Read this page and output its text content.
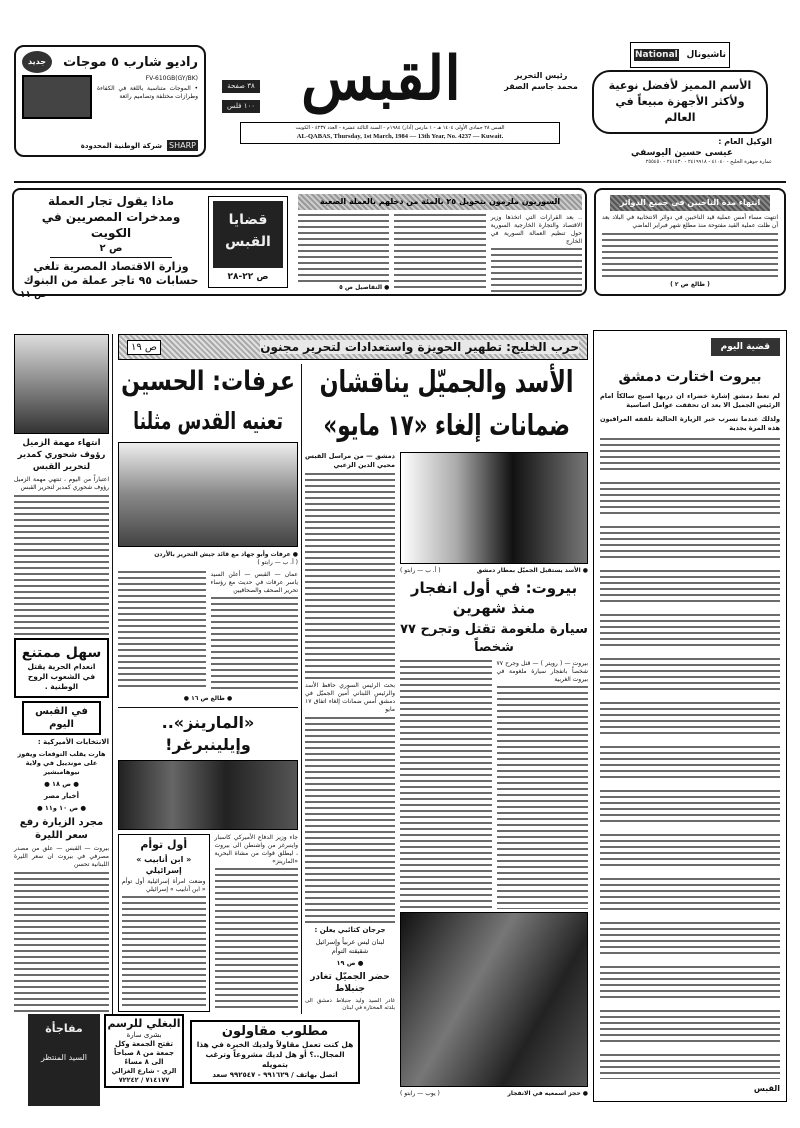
راديو شارب ٥ موجات
جديد
FV-610GB(GY/BK)
• الموجات متناسبة باللغة في الكفاءة وطرازات مختلفة وتصاميم رائعة
SHARP
شركة الوطنية المحدودة
٣٨ صفحة
١٠٠ فلس القبس	رئيس التحرير
محمد جاسم الصقر
القبس ٢٨ جمادى الأولى ١٤٠٤ هـ - ١ مارس (آذار) ١٩٨٤م - السنة الثالثة عشرة - العدد ٤٢٣٧ - الكويت
AL-QABAS, Thursday, 1st March, 1984 — 13th Year, No. 4237 — Kuwait.
ناشيونال
National
الأسم المميز لأفضل نوعية ولأكثر الأجهزة مبيعاً في العالم
الوكيل العام :
عيسى حسين اليوسفي
عمارة جوهرة الخليج - ٤١٠٤٠ - ٢٤١٩٩١٨ - ٢٤١٤٣٠ - ٢٥٥٤٥٠
ماذا يقول تجار العملة ومدخرات المصريين في الكويت
ص ٢
وزارة الاقتصاد المصرية تلغي حسابات ٩٥ تاجر عملة من البنوك
ص ١١
قضايا القبس
ص ٢٢-٢٨
السوريون ملزمون بتحويل ٢٥ بالمئة من دخلهم بالعملة الصعبة
.. بعد القرارات التي اتخذها وزير الاقتصاد والتجارة الخارجية السورية حول تنظيم العمالة السورية في الخارج
● التفاصيل ص ٥
انتهاء مدة الناخبين في جميع الدوائر
انتهت مساء أمس عملية قيد الناخبين في دوائر الانتخابية في البلاد بعد أن ظلت عملية القيد مفتوحة منذ مطلع شهر فبراير الماضي
( طالع ص ٢ )
حرب الخليج: تطهير الحويزة واستعدادات لتحرير مجنون
ص ١٩
انتهاء مهمة الزميل رؤوف شحوري كمدير لتحرير القبس
اعتباراً من اليوم ، تنتهي مهمة الزميل رؤوف شحوري كمدير لتحرير القبس
سهل ممتنع
انعدام الحرية يقتل في الشعوب الروح الوطنية .
في القبس اليوم
الانتخابات الأميركية :
هارت يقلب التوقعات ويفوز على موندييل في ولاية نيوهامبشير
● ص ١٨ ●
أخبار مصر
● ص ١٠ و١١ ●
مجرد الزيارة رفع سعر الليرة
بيروت — القبس — علق من مصدر مصرفي في بيروت ان سعر الليرة اللبنانية تحسن
عرفات: الحسين
تعنيه القدس مثلنا
● عرفات وأبو جهاد مع قائد جيش التحرير بالأردن
( أ. ب — رابتو )
عمان — القبس — أعلن السيد ياسر عرفات في حديث مع رؤساء تحرير الصحف والصحافيين
● طالع ص ١٦ ●
«المارينز».. وإيلينبرغر!
جاء وزير الدفاع الأميركي كاسبار واينبرغر من واشنطن الى بيروت ، ليطلق قوات من مشاة البحرية «المارينز»
أول توأم
« ابن أنابيب » إسرائيلي
وضعت امرأة إسرائيلية أول توأم « ابن أنابيب » إسرائيلي
الأسد والجميّل يناقشان
ضمانات إلغاء «١٧ مايو»
دمشق — من مراسل القبس محيي الدين الزعبي
بحث الرئيس السوري حافظ الأسد والرئيس اللبناني أمين الجميّل في دمشق أمس ضمانات إلغاء اتفاق ١٧ مايو
جرجان كتائبي يعلن :
لبنان ليس عربياً وإسرائيل شقيقته التوأم
● ص ١٩
حضر الجميّل تغادر جنبلاط
غادر السيد وليد جنبلاط دمشق الى بلدته المختارة في لبنان
● الأسد يستقبل الجميّل بمطار دمشق
( أ. ب — رابتو )
بيروت: في أول انفجار منذ شهرين
سيارة ملغومة تقتل وتجرح ٧٧ شخصاً
بيروت — ( رويتر ) — قتل وجرح ٧٧ شخصاً بانفجار سيارة ملغومة في بيروت الغربية
● حجز اسمعيه في الانفجار
( يوب — رابتو )
قضية اليوم
بيروت اختارت دمشق
لم تعط دمشق إشارة خضراء ان دربها اصبح سالكاً امام الرئيس الجميل الا بعد ان تحققت عوامل اساسية
ولذلك عندما تسرب خبر الزيارة الحالية تلقفه المراقبون هذه المرة بجدية
القبس
مفاجأة
السيد المنتظر
البغلي للرسم
بشرى سارة
تفتح الجمعة وكل جمعة من ٨ صباحاً الى ٨ مساءً
الري - شارع الغزالي
٧١٤١٧٧ / ٧٢٢٤٢
مطلوب مقاولون
هل كنت تعمل مقاولاً ولديك الخبرة في هذا المجال..؟ أو هل لديك مشروعاً وترغب بتمويله
اتصل بهاتف / ٩٩١٦٢٩ - ٩٩٢٥٤٧ سعد
